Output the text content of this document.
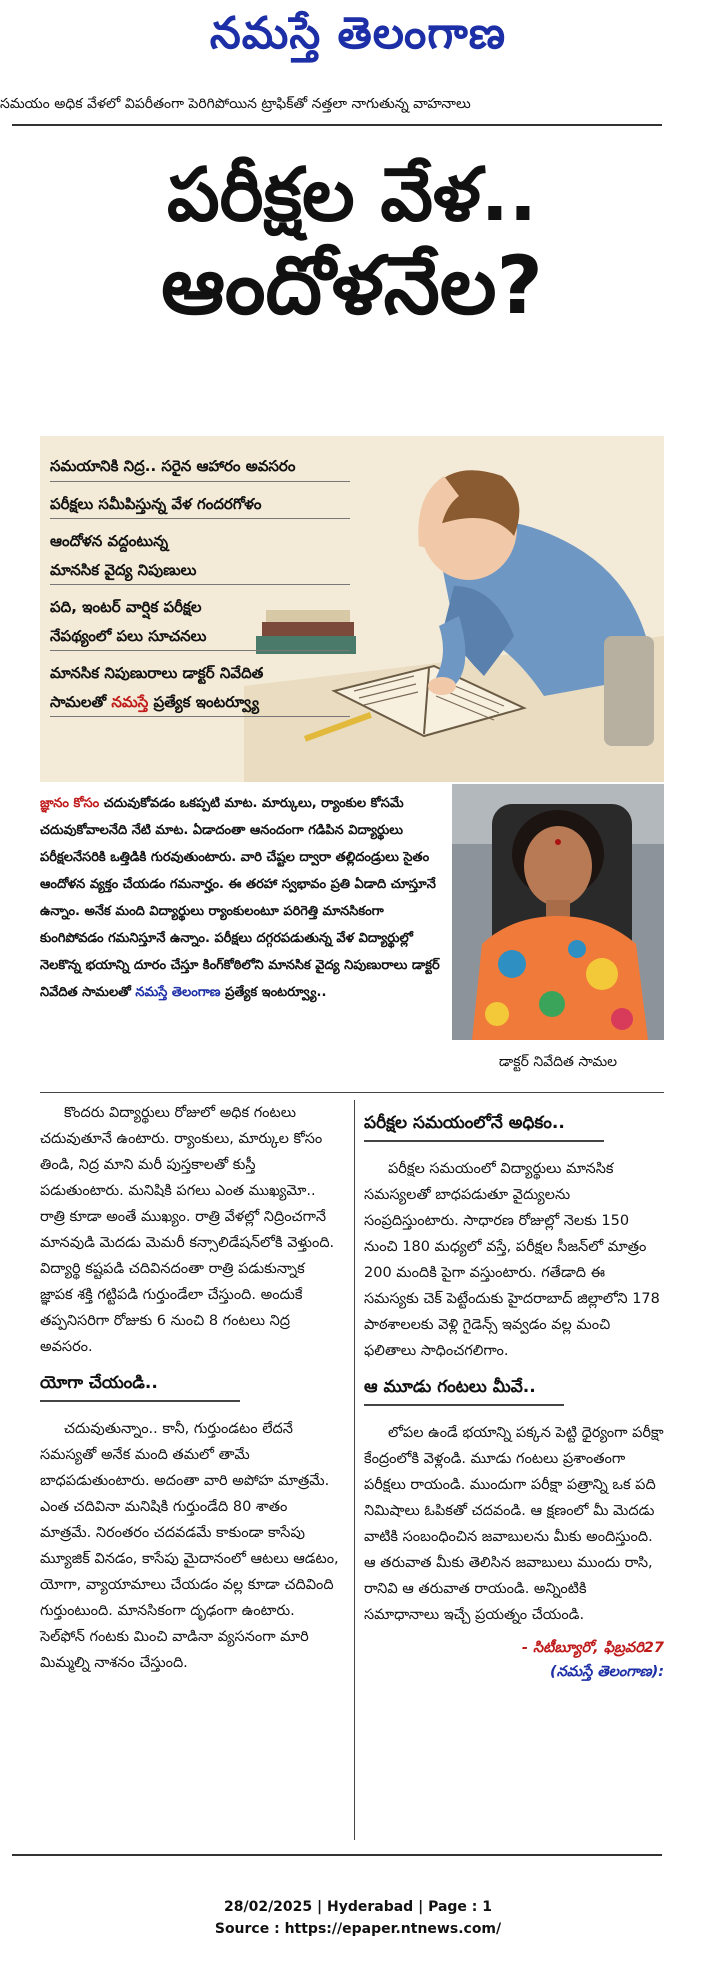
నమస్తే తెలంగాణ
సమయం అధిక వేళలో విపరీతంగా పెరిగిపోయిన ట్రాఫిక్‌తో నత్తలా నాగుతున్న వాహనాలు
పరీక్షల వేళ..
ఆందోళనేల?
సమయానికి నిద్ర.. సరైన ఆహారం అవసరం
పరీక్షలు సమీపిస్తున్న వేళ గందరగోళం
ఆందోళన వద్దంటున్న
మానసిక వైద్య నిపుణులు
పది, ఇంటర్ వార్షిక పరీక్షల
నేపథ్యంలో పలు సూచనలు
మానసిక నిపుణురాలు డాక్టర్ నివేదిత
సామలతో నమస్తే ప్రత్యేక ఇంటర్వ్యూ
జ్ఞానం కోసం చదువుకోవడం ఒకప్పటి మాట. మార్కులు, ర్యాంకుల కోసమే చదువుకోవాలనేది నేటి మాట. ఏడాదంతా ఆనందంగా గడిపిన విద్యార్థులు పరీక్షలనేసరికి ఒత్తిడికి గురవుతుంటారు. వారి చేష్టల ద్వారా తల్లిదండ్రులు సైతం ఆందోళన వ్యక్తం చేయడం గమనార్హం. ఈ తరహా స్వభావం ప్రతి ఏడాది చూస్తూనే ఉన్నాం. అనేక మంది విద్యార్థులు ర్యాంకులంటూ పరిగెత్తి మానసికంగా కుంగిపోవడం గమనిస్తూనే ఉన్నాం. పరీక్షలు దగ్గరపడుతున్న వేళ విద్యార్థుల్లో నెలకొన్న భయాన్ని దూరం చేస్తూ కింగ్‌కోఠిలోని మానసిక వైద్య నిపుణురాలు డాక్టర్ నివేదిత సామలతో నమస్తే తెలంగాణ ప్రత్యేక ఇంటర్వ్యూ..
డాక్టర్ నివేదిత సామల

కొందరు విద్యార్థులు రోజులో అధిక గంటలు చదువుతూనే ఉంటారు. ర్యాంకులు, మార్కుల కోసం తిండి, నిద్ర మాని మరీ పుస్తకాలతో కుస్తీ పడుతుంటారు. మనిషికి పగలు ఎంత ముఖ్యమో.. రాత్రి కూడా అంతే ముఖ్యం. రాత్రి వేళల్లో నిద్రించగానే మానవుడి మెదడు మెమరీ కన్సాలిడేషన్‌లోకి వెళ్తుంది. విద్యార్థి కష్టపడి చదివినదంతా రాత్రి పడుకున్నాక జ్ఞాపక శక్తి గట్టిపడి గుర్తుండేలా చేస్తుంది. అందుకే తప్పనిసరిగా రోజుకు 6 నుంచి 8 గంటలు నిద్ర అవసరం.

యోగా చేయండి..

చదువుతున్నాం.. కానీ, గుర్తుండటం లేదనే సమస్యతో అనేక మంది తమలో తామే బాధపడుతుంటారు. అదంతా వారి అపోహ మాత్రమే. ఎంత చదివినా మనిషికి గుర్తుండేది 80 శాతం మాత్రమే. నిరంతరం చదవడమే కాకుండా కాసేపు మ్యూజిక్ వినడం, కాసేపు మైదానంలో ఆటలు ఆడటం, యోగా, వ్యాయామాలు చేయడం వల్ల కూడా చదివింది గుర్తుంటుంది. మానసికంగా దృఢంగా ఉంటారు. సెల్‌ఫోన్ గంటకు మించి వాడినా వ్యసనంగా మారి మిమ్మల్ని నాశనం చేస్తుంది.

పరీక్షల సమయంలోనే అధికం..

పరీక్షల సమయంలో విద్యార్థులు మానసిక సమస్యలతో బాధపడుతూ వైద్యులను సంప్రదిస్తుంటారు. సాధారణ రోజుల్లో నెలకు 150 నుంచి 180 మధ్యలో వస్తే, పరీక్షల సీజన్‌లో మాత్రం 200 మందికి పైగా వస్తుంటారు. గతేడాది ఈ సమస్యకు చెక్ పెట్టేందుకు హైదరాబాద్ జిల్లాలోని 178 పాఠశాలలకు వెళ్లి గైడెన్స్ ఇవ్వడం వల్ల మంచి ఫలితాలు సాధించగలిగాం.

ఆ మూడు గంటలు మీవే..

లోపల ఉండే భయాన్ని పక్కన పెట్టి ధైర్యంగా పరీక్షా కేంద్రంలోకి వెళ్లండి. మూడు గంటలు ప్రశాంతంగా పరీక్షలు రాయండి. ముందుగా పరీక్షా పత్రాన్ని ఒక పది నిమిషాలు ఓపికతో చదవండి. ఆ క్షణంలో మీ మెదడు వాటికి సంబంధించిన జవాబులను మీకు అందిస్తుంది. ఆ తరువాత మీకు తెలిసిన జవాబులు ముందు రాసి, రానివి ఆ తరువాత రాయండి. అన్నింటికి సమాధానాలు ఇచ్చే ప్రయత్నం చేయండి.

- సిటీబ్యూరో, ఫిబ్రవరి27
(నమస్తే తెలంగాణ):
28/02/2025 | Hyderabad | Page : 1
Source : https://epaper.ntnews.com/
